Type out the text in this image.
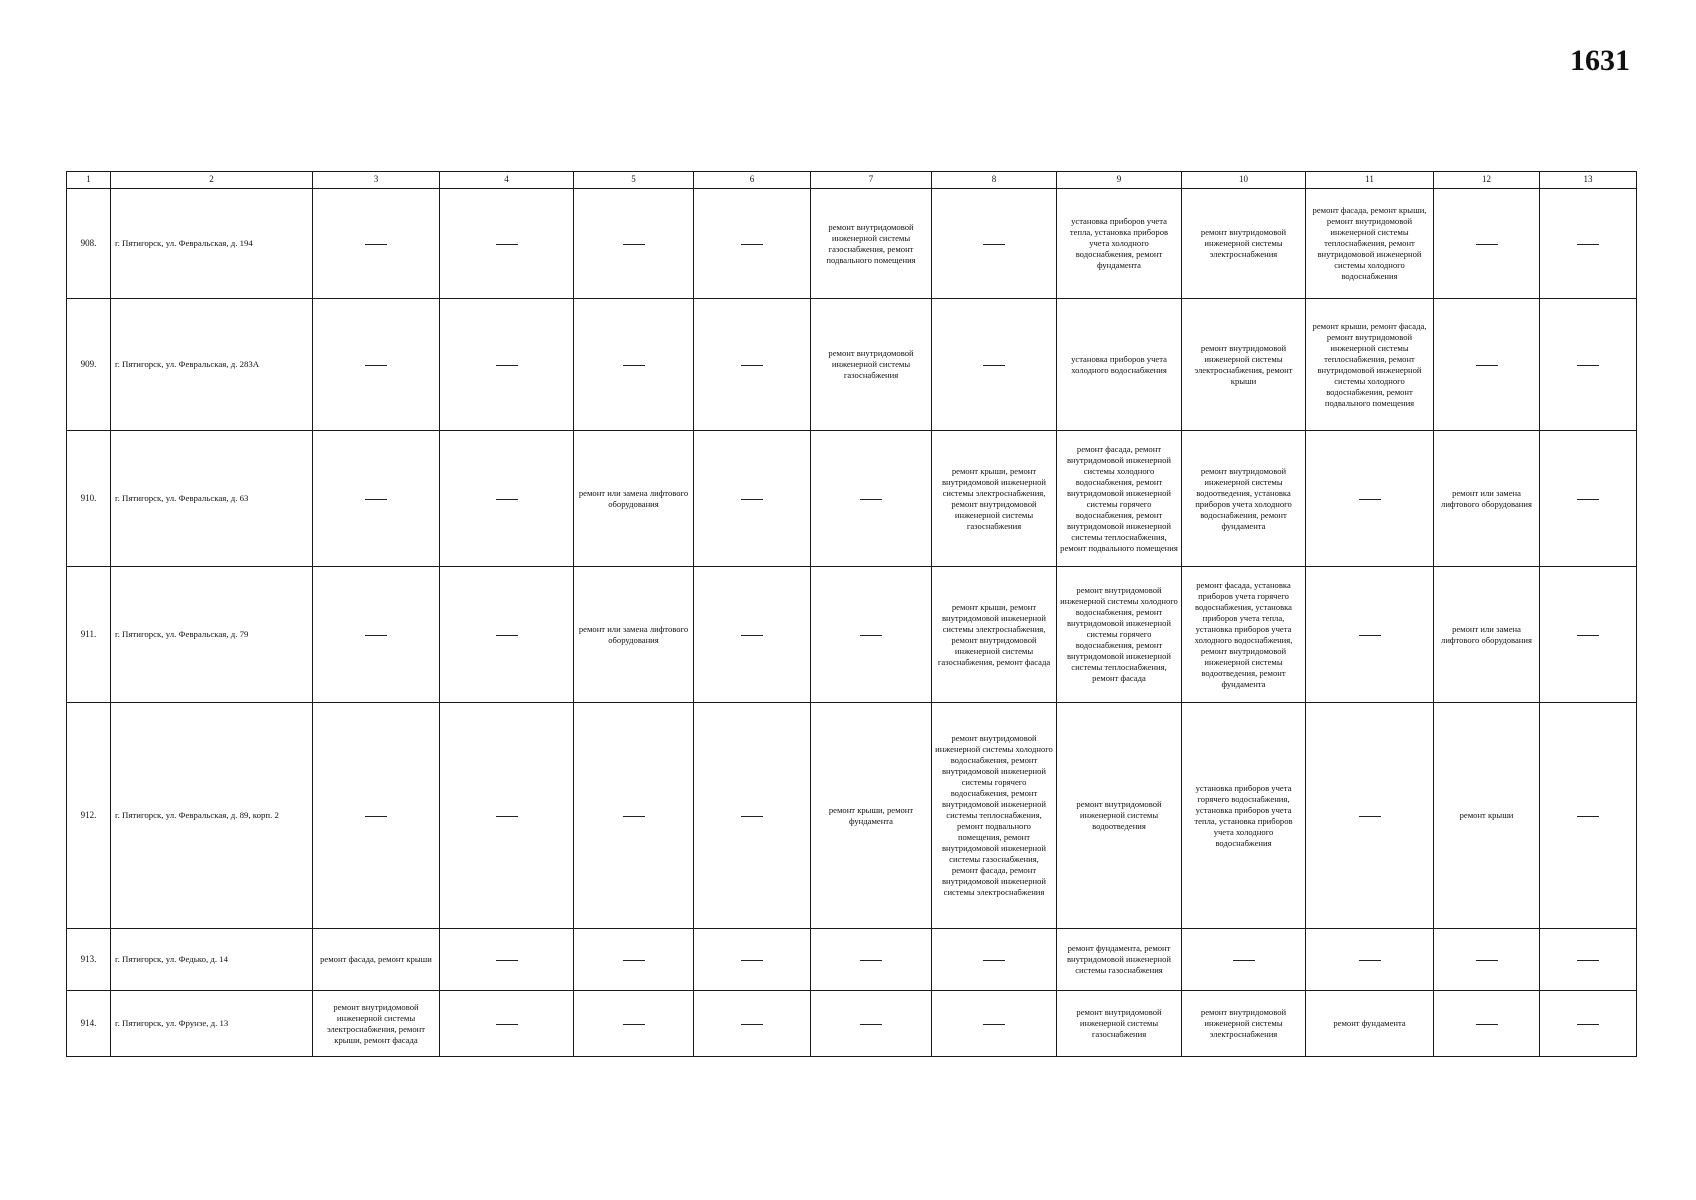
1631
1	2	3	4	5	6	7	8	9	10	11	12	13
908.	г. Пятигорск, ул. Февральская, д. 194					ремонт внутридомовой инженерной системы газоснабжения, ремонт подвального помещения		установка приборов учета тепла, установка приборов учета холодного водоснабжения, ремонт фундамента	ремонт внутридомовой инженерной системы электроснабжения	ремонт фасада, ремонт крыши, ремонт внутридомовой инженерной системы теплоснабжения, ремонт внутридомовой инженерной системы холодного водоснабжения		
909.	г. Пятигорск, ул. Февральская, д. 283А					ремонт внутридомовой инженерной системы газоснабжения		установка приборов учета холодного водоснабжения	ремонт внутридомовой инженерной системы электроснабжения, ремонт крыши	ремонт крыши, ремонт фасада, ремонт внутридомовой инженерной системы теплоснабжения, ремонт внутридомовой инженерной системы холодного водоснабжения, ремонт подвального помещения		
910.	г. Пятигорск, ул. Февральская, д. 63			ремонт или замена лифтового оборудования			ремонт крыши, ремонт внутридомовой инженерной системы электроснабжения, ремонт внутридомовой инженерной системы газоснабжения	ремонт фасада, ремонт внутридомовой инженерной системы холодного водоснабжения, ремонт внутридомовой инженерной системы горячего водоснабжения, ремонт внутридомовой инженерной системы теплоснабжения, ремонт подвального помещения	ремонт внутридомовой инженерной системы водоотведения, установка приборов учета холодного водоснабжения, ремонт фундамента		ремонт или замена лифтового оборудования	
911.	г. Пятигорск, ул. Февральская, д. 79			ремонт или замена лифтового оборудования			ремонт крыши, ремонт внутридомовой инженерной системы электроснабжения, ремонт внутридомовой инженерной системы газоснабжения, ремонт фасада	ремонт внутридомовой инженерной системы холодного водоснабжения, ремонт внутридомовой инженерной системы горячего водоснабжения, ремонт внутридомовой инженерной системы теплоснабжения, ремонт фасада	ремонт фасада, установка приборов учета горячего водоснабжения, установка приборов учета тепла, установка приборов учета холодного водоснабжения, ремонт внутридомовой инженерной системы водоотведения, ремонт фундамента		ремонт или замена лифтового оборудования	
912.	г. Пятигорск, ул. Февральская, д. 89, корп. 2					ремонт крыши, ремонт фундамента	ремонт внутридомовой инженерной системы холодного водоснабжения, ремонт внутридомовой инженерной системы горячего водоснабжения, ремонт внутридомовой инженерной системы теплоснабжения, ремонт подвального помещения, ремонт внутридомовой инженерной системы газоснабжения, ремонт фасада, ремонт внутридомовой инженерной системы электроснабжения	ремонт внутридомовой инженерной системы водоотведения	установка приборов учета горячего водоснабжения, установка приборов учета тепла, установка приборов учета холодного водоснабжения		ремонт крыши	
913.	г. Пятигорск, ул. Федько, д. 14	ремонт фасада, ремонт крыши						ремонт фундамента, ремонт внутридомовой инженерной системы газоснабжения				
914.	г. Пятигорск, ул. Фрунзе, д. 13	ремонт внутридомовой инженерной системы электроснабжения, ремонт крыши, ремонт фасада						ремонт внутридомовой инженерной системы газоснабжения	ремонт внутридомовой инженерной системы электроснабжения	ремонт фундамента		
